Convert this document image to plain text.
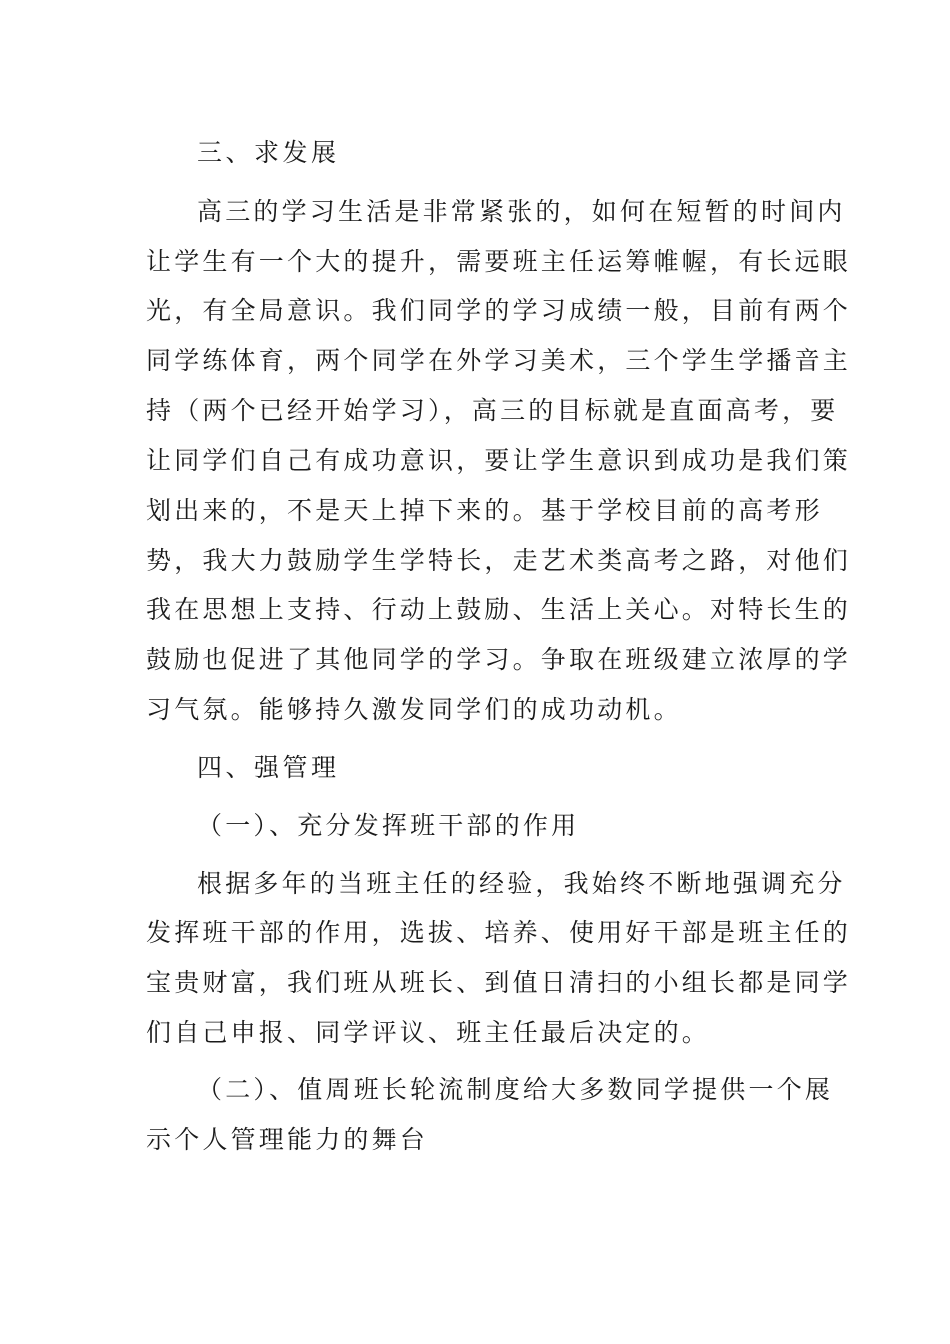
三、求发展
高三的学习生活是非常紧张的，如何在短暂的时间内
让学生有一个大的提升，需要班主任运筹帷幄，有长远眼
光，有全局意识。我们同学的学习成绩一般，目前有两个
同学练体育，两个同学在外学习美术，三个学生学播音主
持（两个已经开始学习），高三的目标就是直面高考，要
让同学们自己有成功意识，要让学生意识到成功是我们策
划出来的，不是天上掉下来的。基于学校目前的高考形
势，我大力鼓励学生学特长，走艺术类高考之路，对他们
我在思想上支持、行动上鼓励、生活上关心。对特长生的
鼓励也促进了其他同学的学习。争取在班级建立浓厚的学
习气氛。能够持久激发同学们的成功动机。
四、强管理
（一）、充分发挥班干部的作用
根据多年的当班主任的经验，我始终不断地强调充分
发挥班干部的作用，选拔、培养、使用好干部是班主任的
宝贵财富，我们班从班长、到值日清扫的小组长都是同学
们自己申报、同学评议、班主任最后决定的。
（二）、值周班长轮流制度给大多数同学提供一个展
示个人管理能力的舞台
